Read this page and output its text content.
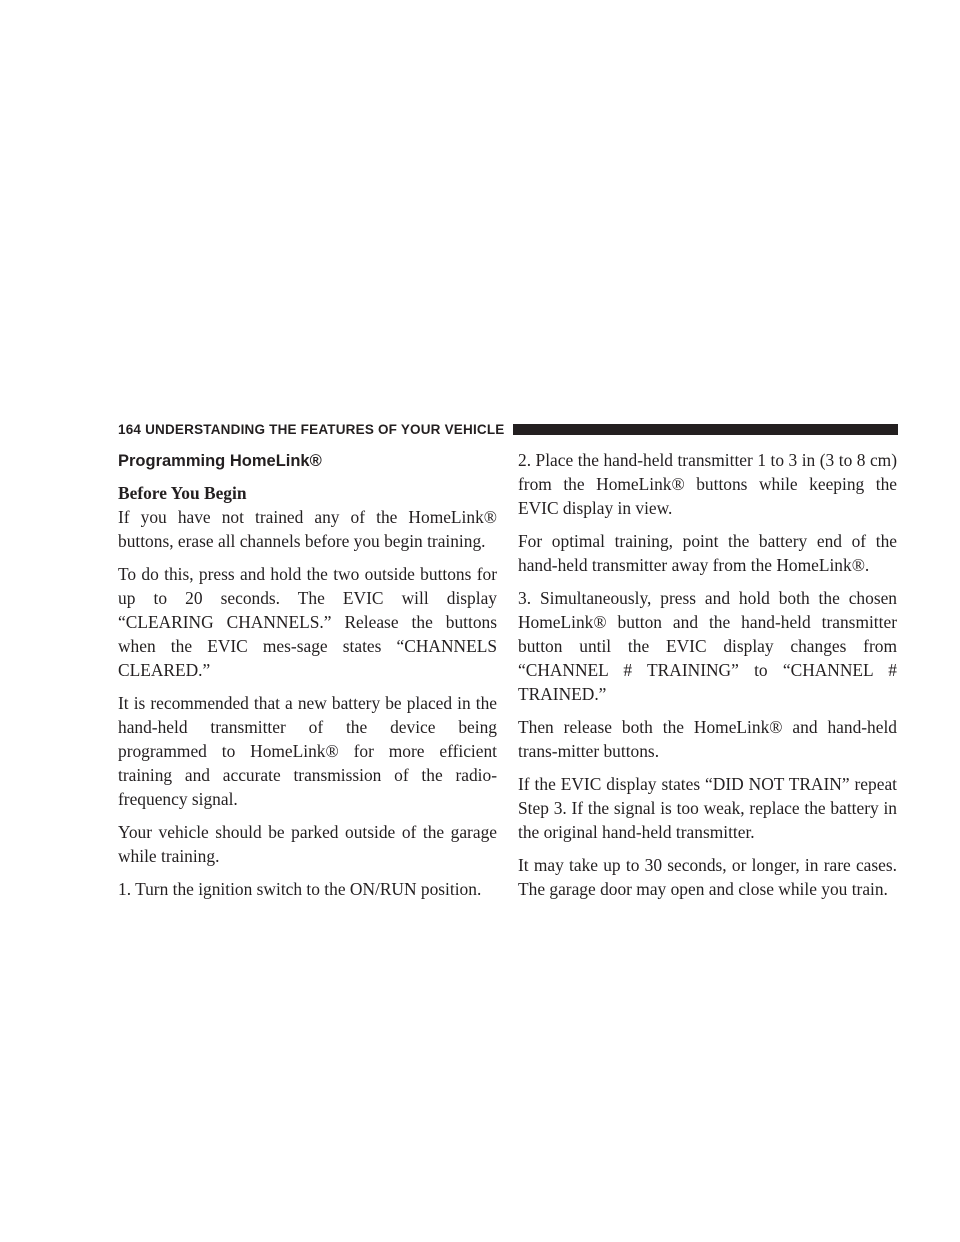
164 UNDERSTANDING THE FEATURES OF YOUR VEHICLE
Programming HomeLink®
Before You Begin

If you have not trained any of the HomeLink® buttons, erase all channels before you begin training.

To do this, press and hold the two outside buttons for up to 20 seconds. The EVIC will display “CLEARING CHANNELS.” Release the buttons when the EVIC mes-sage states “CHANNELS CLEARED.”

It is recommended that a new battery be placed in the hand-held transmitter of the device being programmed to HomeLink® for more efficient training and accurate transmission of the radio-frequency signal.

Your vehicle should be parked outside of the garage while training.

1. Turn the ignition switch to the ON/RUN position.

2. Place the hand-held transmitter 1 to 3 in (3 to 8 cm) from the HomeLink® buttons while keeping the EVIC display in view.

For optimal training, point the battery end of the hand-held transmitter away from the HomeLink®.

3. Simultaneously, press and hold both the chosen HomeLink® button and the hand-held transmitter button until the EVIC display changes from “CHANNEL # TRAINING” to “CHANNEL # TRAINED.”

Then release both the HomeLink® and hand-held trans-mitter buttons.

If the EVIC display states “DID NOT TRAIN” repeat Step 3. If the signal is too weak, replace the battery in the original hand-held transmitter.

It may take up to 30 seconds, or longer, in rare cases. The garage door may open and close while you train.
